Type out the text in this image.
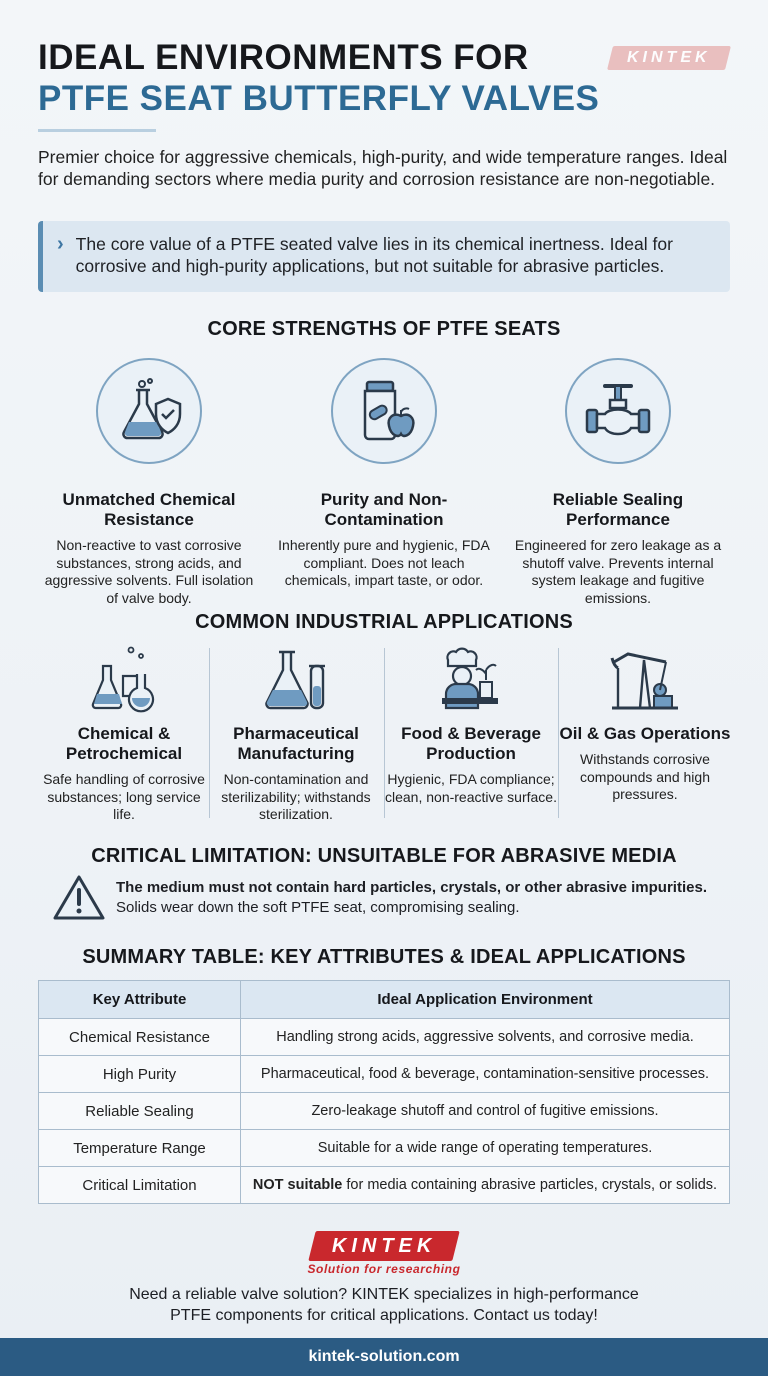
IDEAL ENVIRONMENTS FOR
PTFE SEAT BUTTERFLY VALVES
KINTEK

Premier choice for aggressive chemicals, high-purity, and wide temperature ranges. Ideal for demanding sectors where media purity and corrosion resistance are non-negotiable.

› The core value of a PTFE seated valve lies in its chemical inertness. Ideal for corrosive and high-purity applications, but not suitable for abrasive particles.
CORE STRENGTHS OF PTFE SEATS
Unmatched Chemical Resistance
Non-reactive to vast corrosive substances, strong acids, and aggressive solvents. Full isolation of valve body.
Purity and Non-Contamination
Inherently pure and hygienic, FDA compliant. Does not leach chemicals, impart taste, or odor.
Reliable Sealing Performance
Engineered for zero leakage as a shutoff valve. Prevents internal system leakage and fugitive emissions.
COMMON INDUSTRIAL APPLICATIONS
Chemical & Petrochemical
Safe handling of corrosive substances; long service life.
Pharmaceutical Manufacturing
Non-contamination and sterilizability; withstands sterilization.
Food & Beverage Production
Hygienic, FDA compliance; clean, non-reactive surface.
Oil & Gas Operations
Withstands corrosive compounds and high pressures.
CRITICAL LIMITATION: UNSUITABLE FOR ABRASIVE MEDIA
The medium must not contain hard particles, crystals, or other abrasive impurities.
Solids wear down the soft PTFE seat, compromising sealing.
SUMMARY TABLE: KEY ATTRIBUTES & IDEAL APPLICATIONS
Key Attribute	Ideal Application Environment
Chemical Resistance	Handling strong acids, aggressive solvents, and corrosive media.
High Purity	Pharmaceutical, food & beverage, contamination-sensitive processes.
Reliable Sealing	Zero-leakage shutoff and control of fugitive emissions.
Temperature Range	Suitable for a wide range of operating temperatures.
Critical Limitation	NOT suitable for media containing abrasive particles, crystals, or solids.
KINTEK
Solution for researching
Need a reliable valve solution? KINTEK specializes in high-performance
PTFE components for critical applications. Contact us today!
kintek-solution.com
